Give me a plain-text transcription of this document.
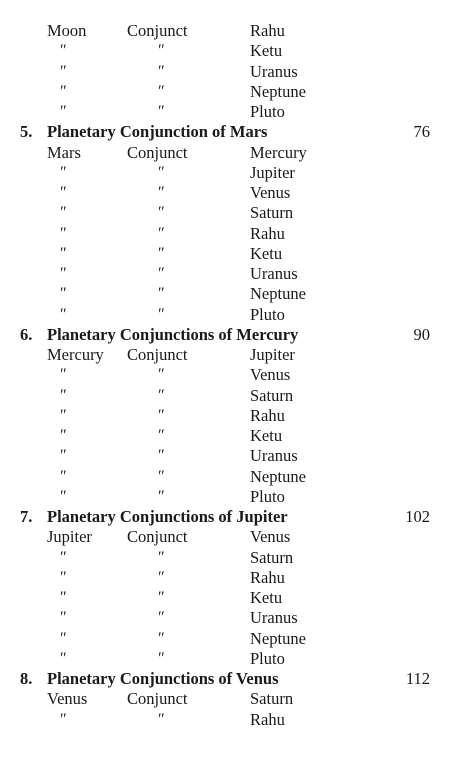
Moon Conjunct	Rahu
″	″	Ketu
″	″	Uranus
″	″	Neptune
″	″	Pluto
5. Planetary Conjunction of Mars	76
Mars	Conjunct	Mercury
″	″	Jupiter
″	″	Venus
″	″	Saturn
″	″	Rahu
″	″	Ketu
″	″	Uranus
″	″	Neptune
″	″	Pluto
6. Planetary Conjunctions of Mercury	90
Mercury Conjunct	Jupiter
″	″	Venus
″	″	Saturn
″	″	Rahu
″	″	Ketu
″	″	Uranus
″	″	Neptune
″	″	Pluto
7. Planetary Conjunctions of Jupiter	102
Jupiter Conjunct	Venus
″	″	Saturn
″	″	Rahu
″	″	Ketu
″	″	Uranus
″	″	Neptune
″	″	Pluto
8. Planetary Conjunctions of Venus	112
Venus Conjunct	Saturn
″	″	Rahu
